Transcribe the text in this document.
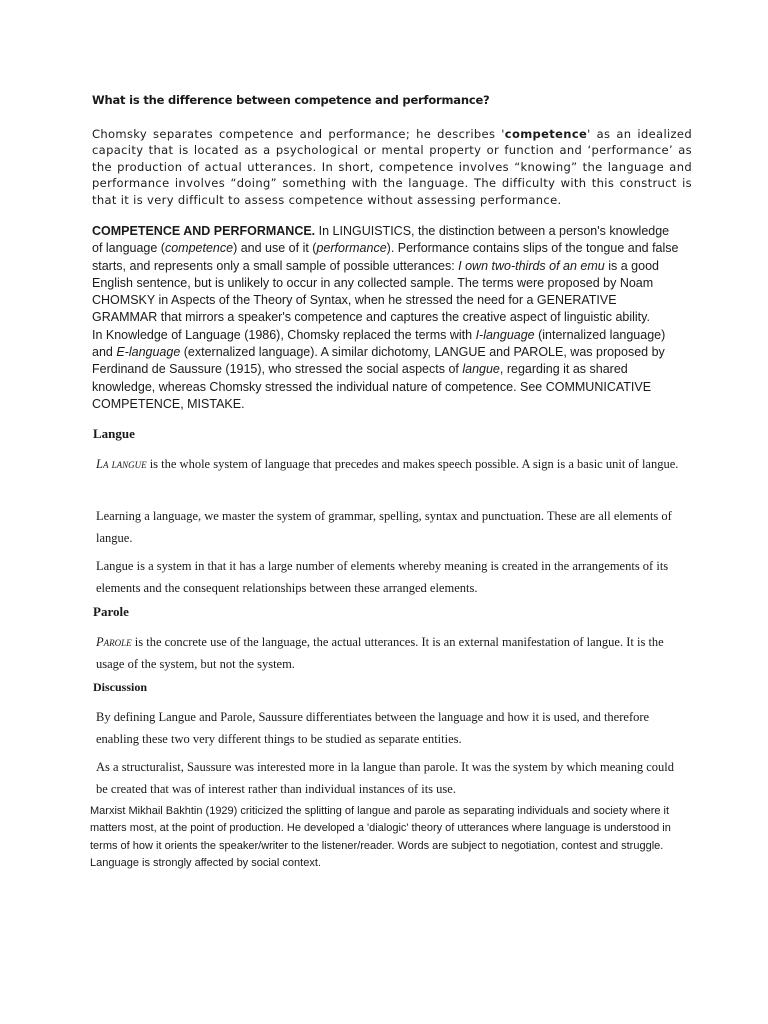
What is the difference between competence and performance?

Chomsky separates competence and performance; he describes 'competence' as an idealized capacity that is located as a psychological or mental property or function and ‘performance’ as the production of actual utterances. In short, competence involves “knowing” the language and performance involves “doing” something with the language. The difficulty with this construct is that it is very difficult to assess competence without assessing performance.

COMPETENCE AND PERFORMANCE. In LINGUISTICS, the distinction between a person's knowledge of language (competence) and use of it (performance). Performance contains slips of the tongue and false starts, and represents only a small sample of possible utterances: I own two-thirds of an emu is a good English sentence, but is unlikely to occur in any collected sample. The terms were proposed by Noam CHOMSKY in Aspects of the Theory of Syntax, when he stressed the need for a GENERATIVE GRAMMAR that mirrors a speaker's competence and captures the creative aspect of linguistic ability.
In Knowledge of Language (1986), Chomsky replaced the terms with I-language (internalized language) and E-language (externalized language). A similar dichotomy, LANGUE and PAROLE, was proposed by Ferdinand de Saussure (1915), who stressed the social aspects of langue, regarding it as shared knowledge, whereas Chomsky stressed the individual nature of competence. See COMMUNICATIVE COMPETENCE, MISTAKE.
Langue

La langue is the whole system of language that precedes and makes speech possible. A sign is a basic unit of langue.

Learning a language, we master the system of grammar, spelling, syntax and punctuation. These are all elements of langue.

Langue is a system in that it has a large number of elements whereby meaning is created in the arrangements of its elements and the consequent relationships between these arranged elements.

Parole

Parole is the concrete use of the language, the actual utterances. It is an external manifestation of langue. It is the usage of the system, but not the system.

Discussion

By defining Langue and Parole, Saussure differentiates between the language and how it is used, and therefore enabling these two very different things to be studied as separate entities.

As a structuralist, Saussure was interested more in la langue than parole. It was the system by which meaning could be created that was of interest rather than individual instances of its use.

Marxist Mikhail Bakhtin (1929) criticized the splitting of langue and parole as separating individuals and society where it matters most, at the point of production. He developed a 'dialogic' theory of utterances where language is understood in terms of how it orients the speaker/writer to the listener/reader. Words are subject to negotiation, contest and struggle. Language is strongly affected by social context.
